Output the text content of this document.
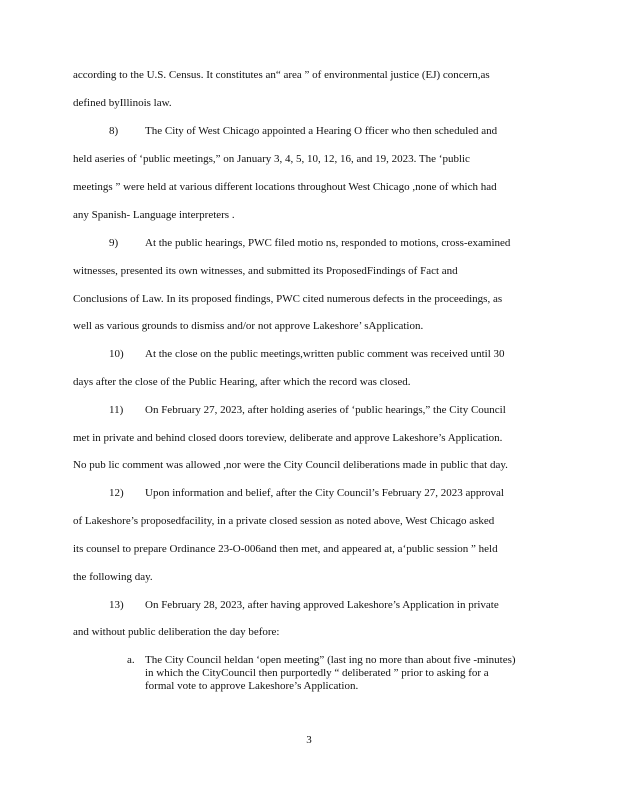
according to the U.S. Census. It constitutes an“ area ” of environmental justice (EJ) concern,as
defined byIllinois law.
8)	The City of West Chicago appointed a Hearing O fficer who then scheduled and
held aseries of ‘public meetings,” on January 3, 4, 5, 10, 12, 16, and 19, 2023. The ‘public
meetings ” were held at various different locations throughout West Chicago ,none of which had
any Spanish- Language interpreters .
9)	At the public hearings, PWC filed motio ns, responded to motions, cross-examined
witnesses, presented its own witnesses, and submitted its ProposedFindings of Fact and
Conclusions of Law. In its proposed findings, PWC cited numerous defects in the proceedings, as
well as various grounds to dismiss and/or not approve Lakeshore’ sApplication.
10)	At the close on the public meetings,written public comment was received until 30
days after the close of the Public Hearing, after which the record was closed.
11)	On February 27, 2023, after holding aseries of ‘public hearings,” the City Council
met in private and behind closed doors toreview, deliberate and approve Lakeshore’s Application.
No pub lic comment was allowed ,nor were the City Council deliberations made in public that day.
12)	Upon information and belief, after the City Council’s February 27, 2023 approval
of Lakeshore’s proposedfacility, in a private closed session as noted above, West Chicago asked
its counsel to prepare Ordinance 23-O-006and then met, and appeared at, a‘public session ” held
the following day.
13)	On February 28, 2023, after having approved Lakeshore’s Application in private
and without public deliberation the day before:
a. The City Council heldan ‘open meeting” (last ing no more than about five -minutes)
in which the CityCouncil then purportedly “ deliberated ” prior to asking for a
formal vote to approve Lakeshore’s Application.
3
